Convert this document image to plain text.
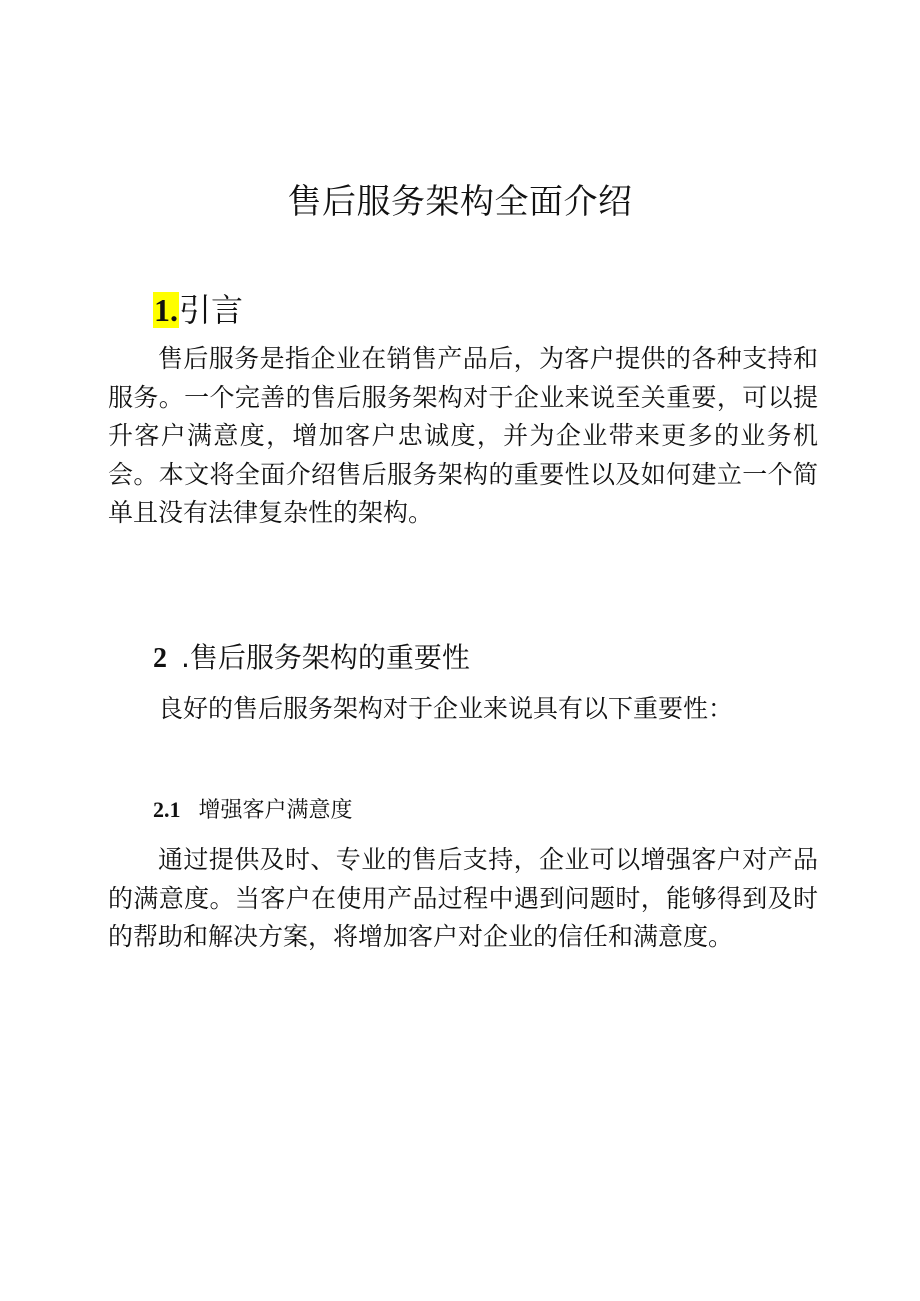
售后服务架构全面介绍
1.引言

售后服务是指企业在销售产品后，为客户提供的各种支持和服务。一个完善的售后服务架构对于企业来说至关重要，可以提升客户满意度，增加客户忠诚度，并为企业带来更多的业务机会。本文将全面介绍售后服务架构的重要性以及如何建立一个简单且没有法律复杂性的架构。

2 .售后服务架构的重要性

良好的售后服务架构对于企业来说具有以下重要性：

2.1 增强客户满意度

通过提供及时、专业的售后支持，企业可以增强客户对产品的满意度。当客户在使用产品过程中遇到问题时，能够得到及时的帮助和解决方案，将增加客户对企业的信任和满意度。
